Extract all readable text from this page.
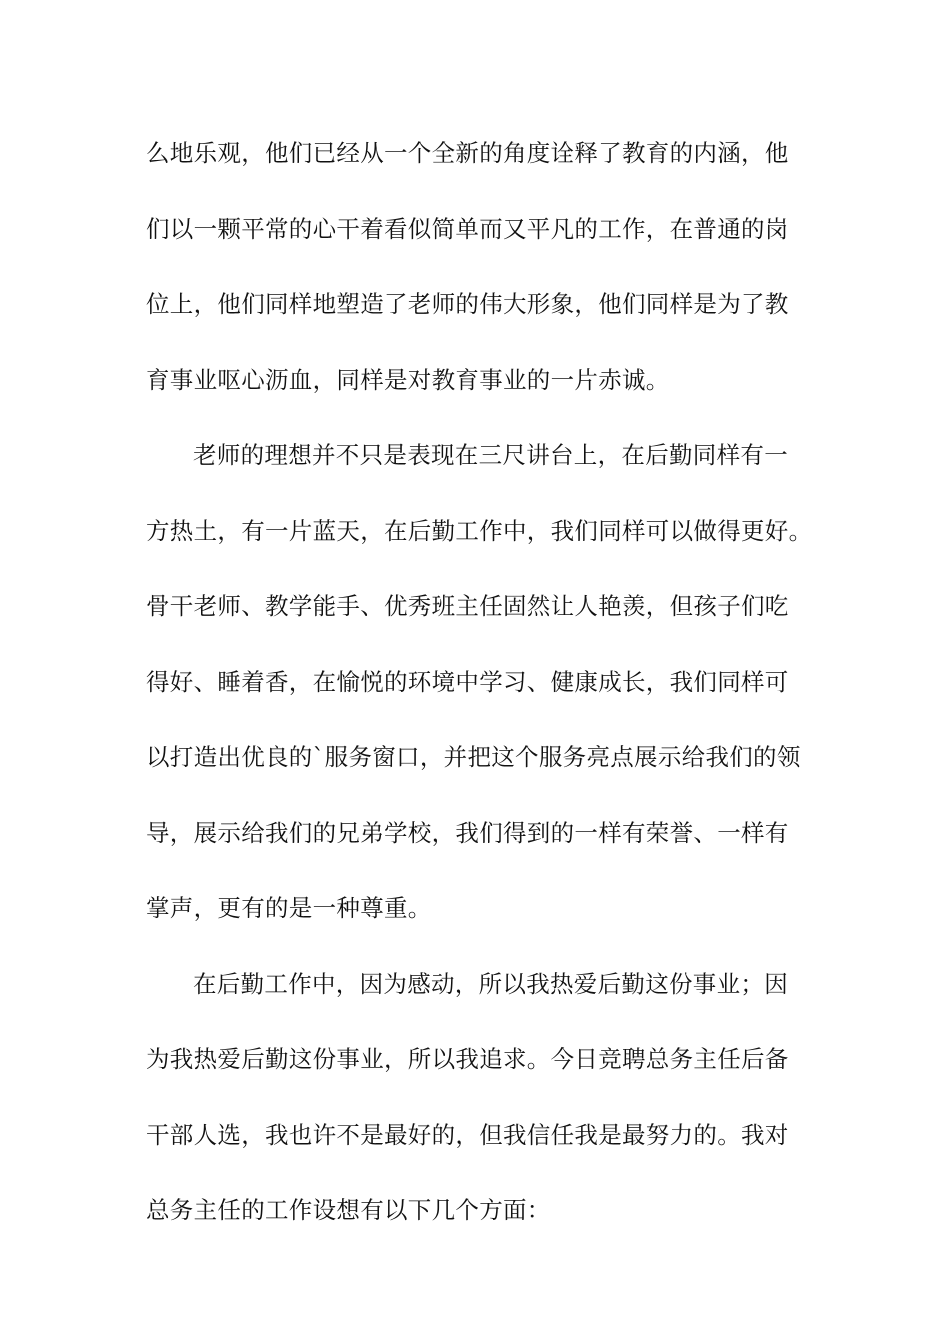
么地乐观，他们已经从一个全新的角度诠释了教育的内涵，他
们以一颗平常的心干着看似简单而又平凡的工作，在普通的岗
位上，他们同样地塑造了老师的伟大形象，他们同样是为了教
育事业呕心沥血，同样是对教育事业的一片赤诚。
老师的理想并不只是表现在三尺讲台上，在后勤同样有一
方热土，有一片蓝天，在后勤工作中，我们同样可以做得更好。
骨干老师、教学能手、优秀班主任固然让人艳羡，但孩子们吃
得好、睡着香，在愉悦的环境中学习、健康成长，我们同样可
以打造出优良的`服务窗口，并把这个服务亮点展示给我们的领
导，展示给我们的兄弟学校，我们得到的一样有荣誉、一样有
掌声，更有的是一种尊重。
在后勤工作中，因为感动，所以我热爱后勤这份事业；因
为我热爱后勤这份事业，所以我追求。今日竞聘总务主任后备
干部人选，我也许不是最好的，但我信任我是最努力的。我对
总务主任的工作设想有以下几个方面：
